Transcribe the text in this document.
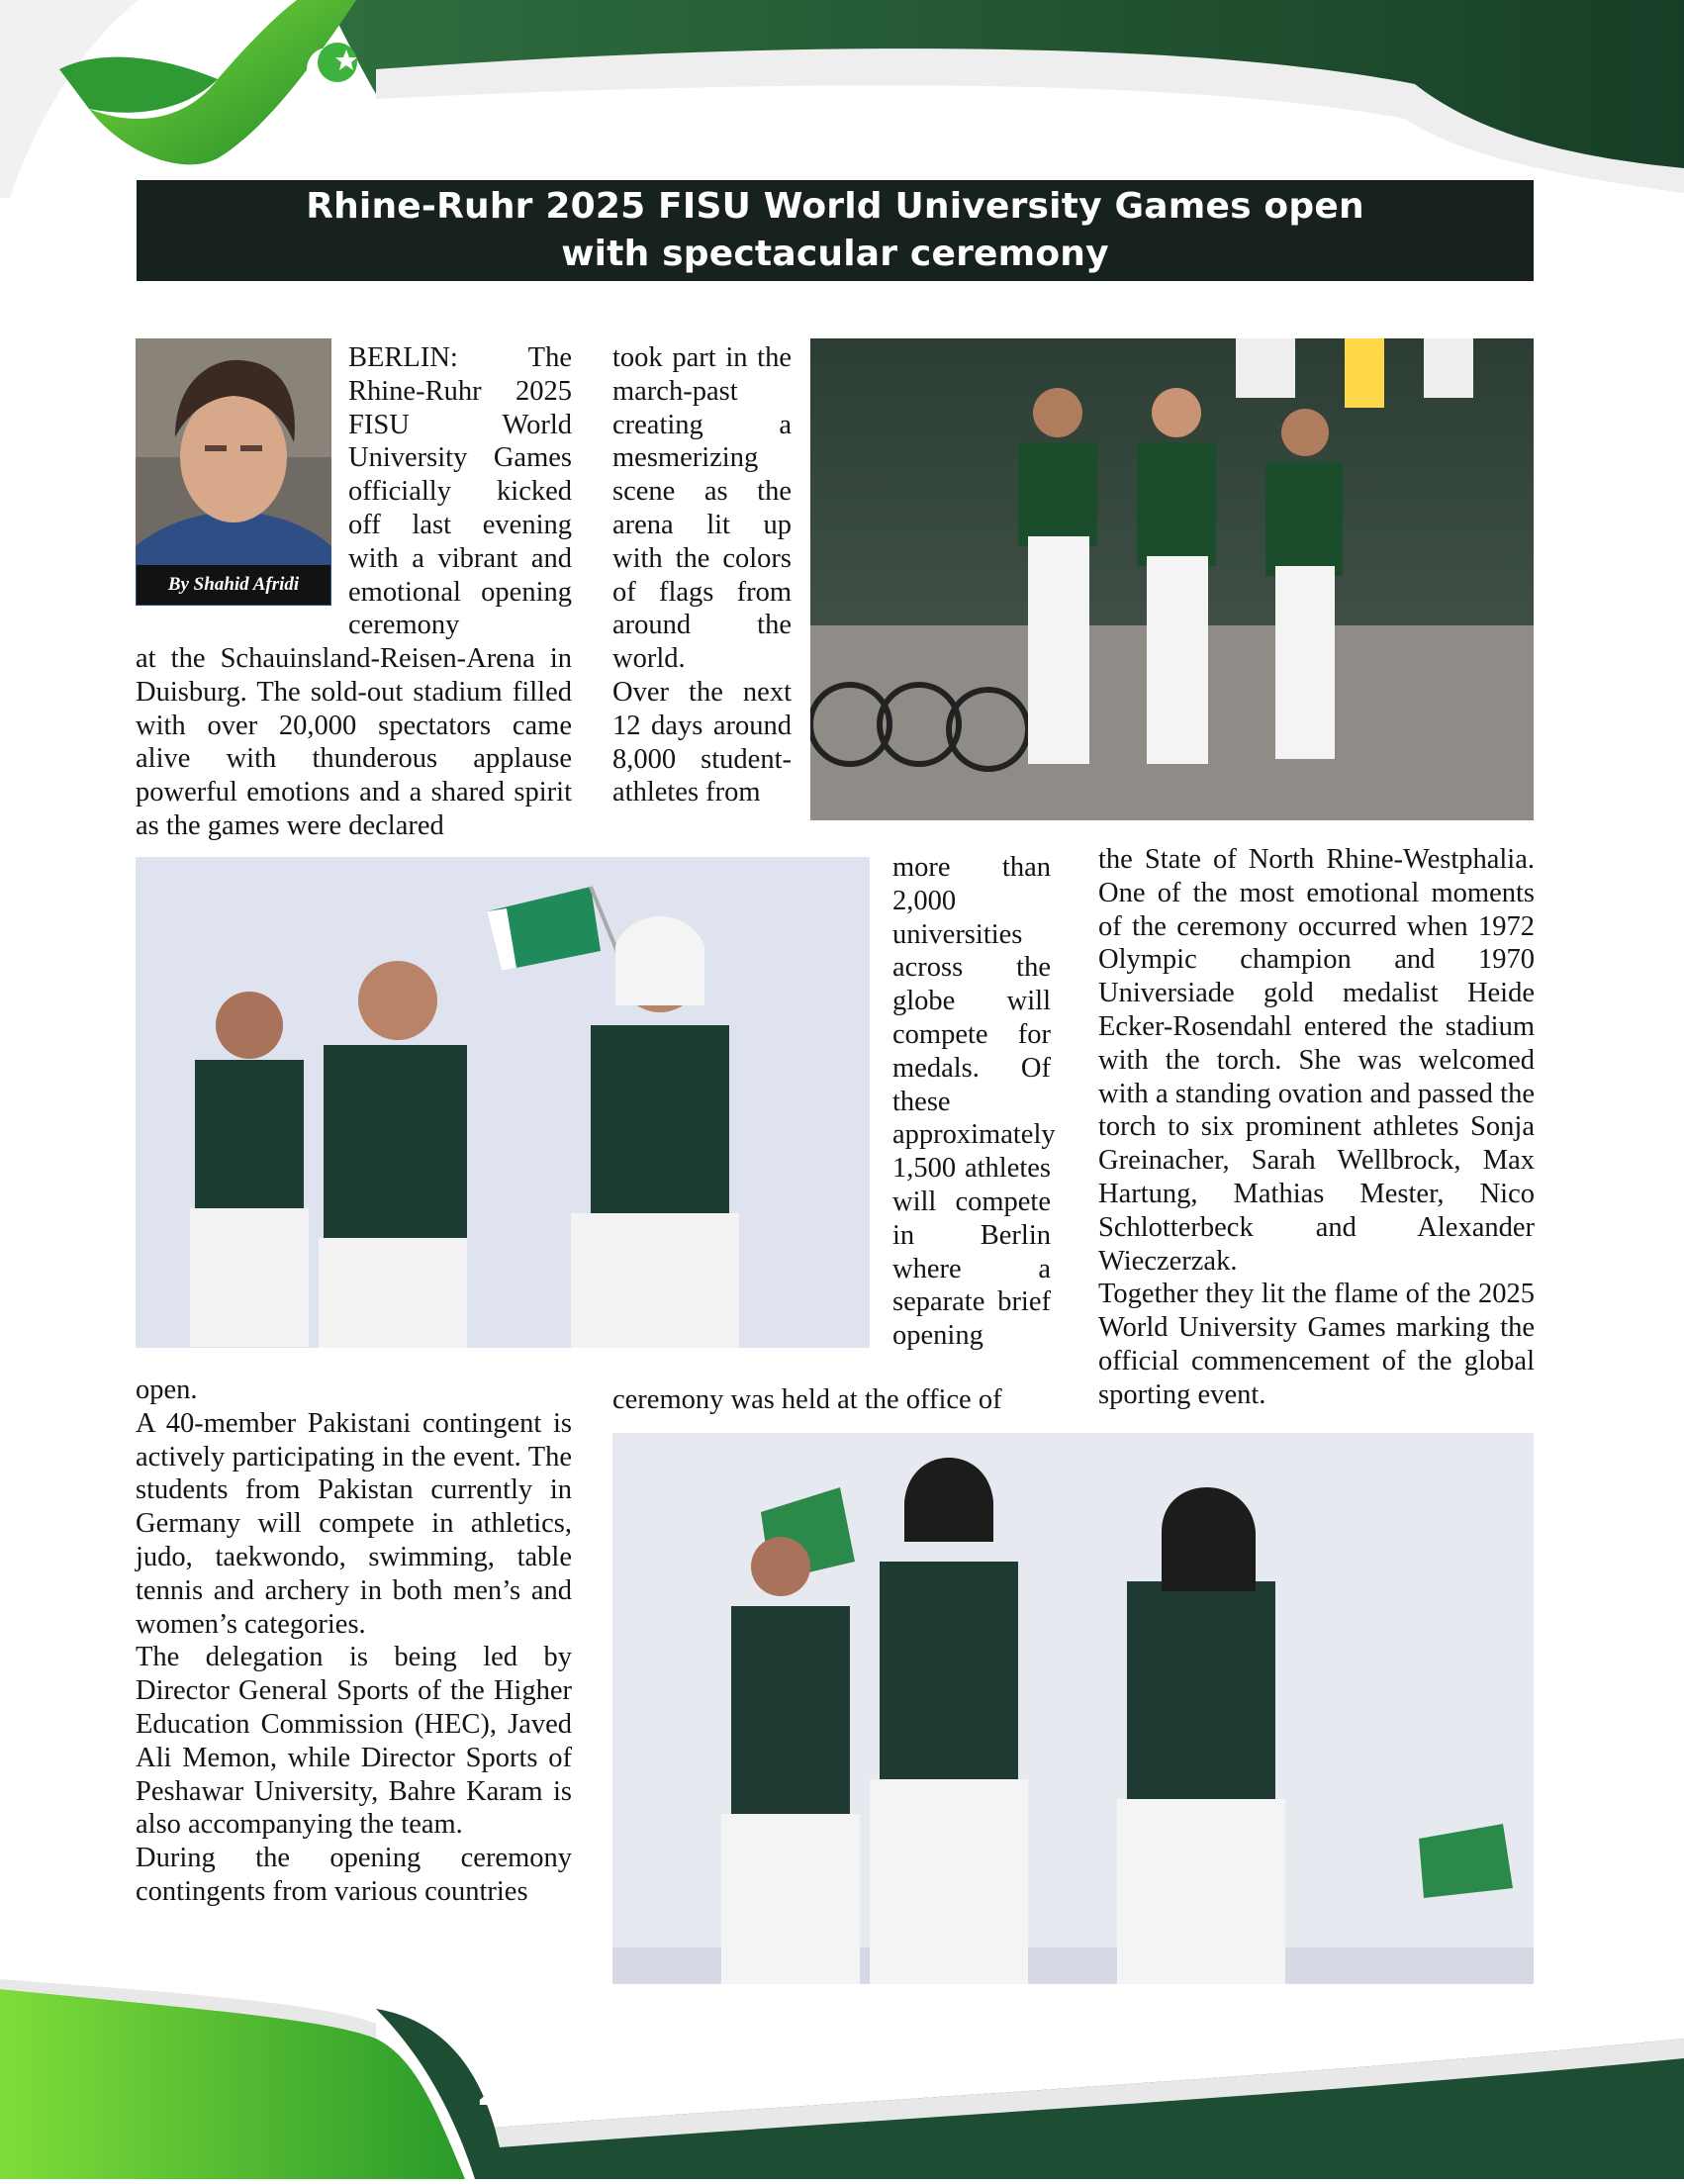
Rhine-Ruhr 2025 FISU World University Games open
with spectacular ceremony
By Shahid Afridi

BERLIN: The Rhine-Ruhr 2025 FISU World University Games officially kicked off last evening with a vibrant and emotional opening ceremony

at the Schauinsland-Reisen-Arena in Duisburg. The sold-out stadium filled with over 20,000 spectators came alive with thunderous applause powerful emotions and a shared spirit as the games were declared

took part in the march-past creating a mesmerizing scene as the arena lit up with the colors of flags from around the world.

Over the next 12 days around 8,000 student-athletes from

more than 2,000 universities across the globe will compete for medals. Of these approximately 1,500 athletes will compete in Berlin where a separate brief opening

the State of North Rhine-Westphalia. One of the most emotional moments of the ceremony occurred when 1972 Olympic champion and 1970 Universiade gold medalist Heide Ecker-Rosendahl entered the stadium with the torch. She was welcomed with a standing ovation and passed the torch to six prominent athletes Sonja Greinacher, Sarah Wellbrock, Max Hartung, Mathias Mester, Nico Schlotterbeck and Alexander Wieczerzak.

Together they lit the flame of the 2025 World University Games marking the official commencement of the global sporting event.

open.

A 40-member Pakistani contingent is actively participating in the event. The students from Pakistan currently in Germany will compete in athletics, judo, taekwondo, swimming, table tennis and archery in both men’s and women’s categories.

The delegation is being led by Director General Sports of the Higher Education Commission (HEC), Javed Ali Memon, while Director Sports of Peshawar University, Bahre Karam is also accompanying the team.

During the opening ceremony contingents from various countries

ceremony was held at the office of

23
